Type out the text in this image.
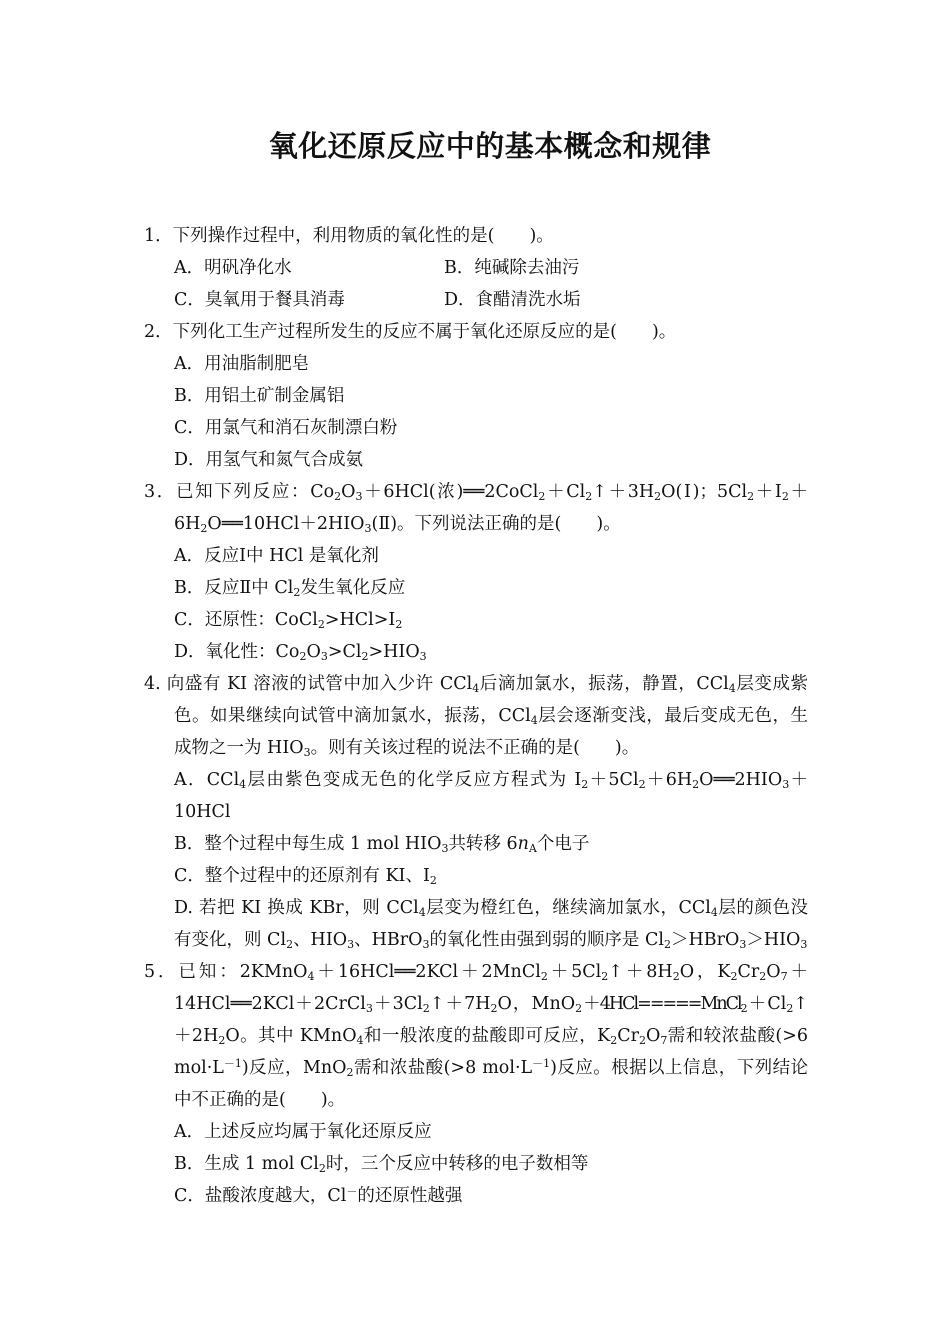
氧化还原反应中的基本概念和规律
1．下列操作过程中，利用物质的氧化性的是(　　)。
A．明矾净化水	B．纯碱除去油污
C．臭氧用于餐具消毒	D．食醋清洗水垢
2．下列化工生产过程所发生的反应不属于氧化还原反应的是(　　)。
A．用油脂制肥皂
B．用铝土矿制金属铝
C．用氯气和消石灰制漂白粉
D．用氢气和氮气合成氨
3．已知下列反应：$Co_2O_3+6HCl$(浓)$══2CoCl_2+Cl_2↑+3H_2O(Ⅰ)$；$5Cl_2+I_2+6H_2O══10HCl+2HIO_3(Ⅱ)$。下列说法正确的是(　　)。
A．反应Ⅰ中 HCl 是氧化剂
B．反应Ⅱ中 $Cl_2$发生氧化反应
C．还原性：$CoCl_2>HCl>I_2$
D．氧化性：$Co_2O_3>Cl_2>HIO_3$
4. 向盛有 KI 溶液的试管中加入少许 CCl$_4$后滴加氯水，振荡，静置，CCl$_4$层变成紫色。如果继续向试管中滴加氯水，振荡，CCl$_4$层会逐渐变浅，最后变成无色，生成物之一为 $HIO_3$。则有关该过程的说法不正确的是(　　)。
A．CCl$_4$层由紫色变成无色的化学反应方程式为 $I_2+5Cl_2+6H_2O══2HIO_3+10HCl$
B．整个过程中每生成 1 mol $HIO_3$共转移 $6n_A$个电子
C．整个过程中的还原剂有 KI、$I_2$
D. 若把 KI 换成 KBr，则 CCl$_4$层变为橙红色，继续滴加氯水，CCl$_4$层的颜色没有变化，则 $Cl_2$、$HIO_3$、HBrO$_3$的氧化性由强到弱的顺序是 $Cl_2>HBrO_3>HIO_3$
5．已知：$2KMnO_4+16HCl══2KCl+2MnCl_2+5Cl_2↑+8H_2O$，$K_2Cr_2O_7+14HCl══2KCl+2CrCl_3+3Cl_2↑+7H_2O$，$MnO_2+4HCl=====MnCl_2+Cl_2↑+2H_2O$。其中 KMnO$_4$和一般浓度的盐酸即可反应，$K_2Cr_2O_7$需和较浓盐酸(>6 $mol\cdot L^{-1}$)反应，MnO$_2$需和浓盐酸(>8 $mol\cdot L^{-1}$)反应。根据以上信息，下列结论中不正确的是(　　)。
A．上述反应均属于氧化还原反应
B．生成 1 mol $Cl_2$时，三个反应中转移的电子数相等
C．盐酸浓度越大，Cl－的还原性越强
